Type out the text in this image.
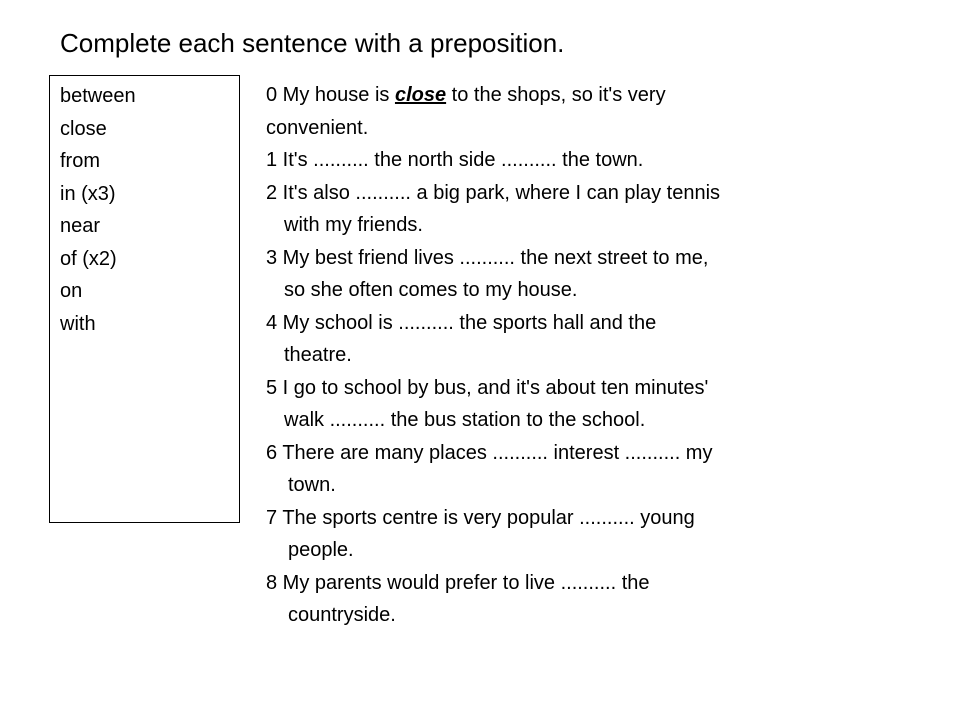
Complete each sentence with a preposition.
between
close
from
in (x3)
near
of (x2)
on
with
0 My house is close to the shops, so it's very
convenient.
1 It's .......... the north side .......... the town.
2 It's also .......... a big park, where I can play tennis
with my friends.
3 My best friend lives .......... the next street to me,
so she often comes to my house.
4 My school is .......... the sports hall and the
theatre.
5 I go to school by bus, and it's about ten minutes'
walk .......... the bus station to the school.
6 There are many places .......... interest .......... my
town.
7 The sports centre is very popular .......... young
people.
8 My parents would prefer to live .......... the
countryside.
